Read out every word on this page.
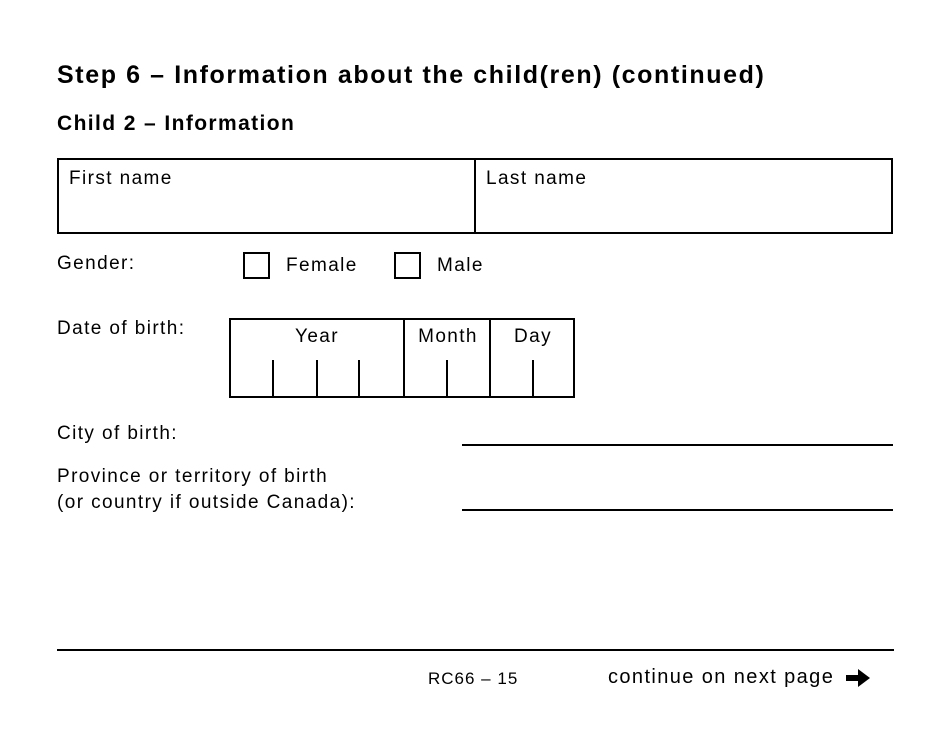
Step 6 – Information about the child(ren) (continued)
Child 2 – Information
First name	Last name
Gender:	Female	Male
Date of birth:	Year	Month	Day
City of birth:
Province or territory of birth
(or country if outside Canada):
RC66 – 15	continue on next page
